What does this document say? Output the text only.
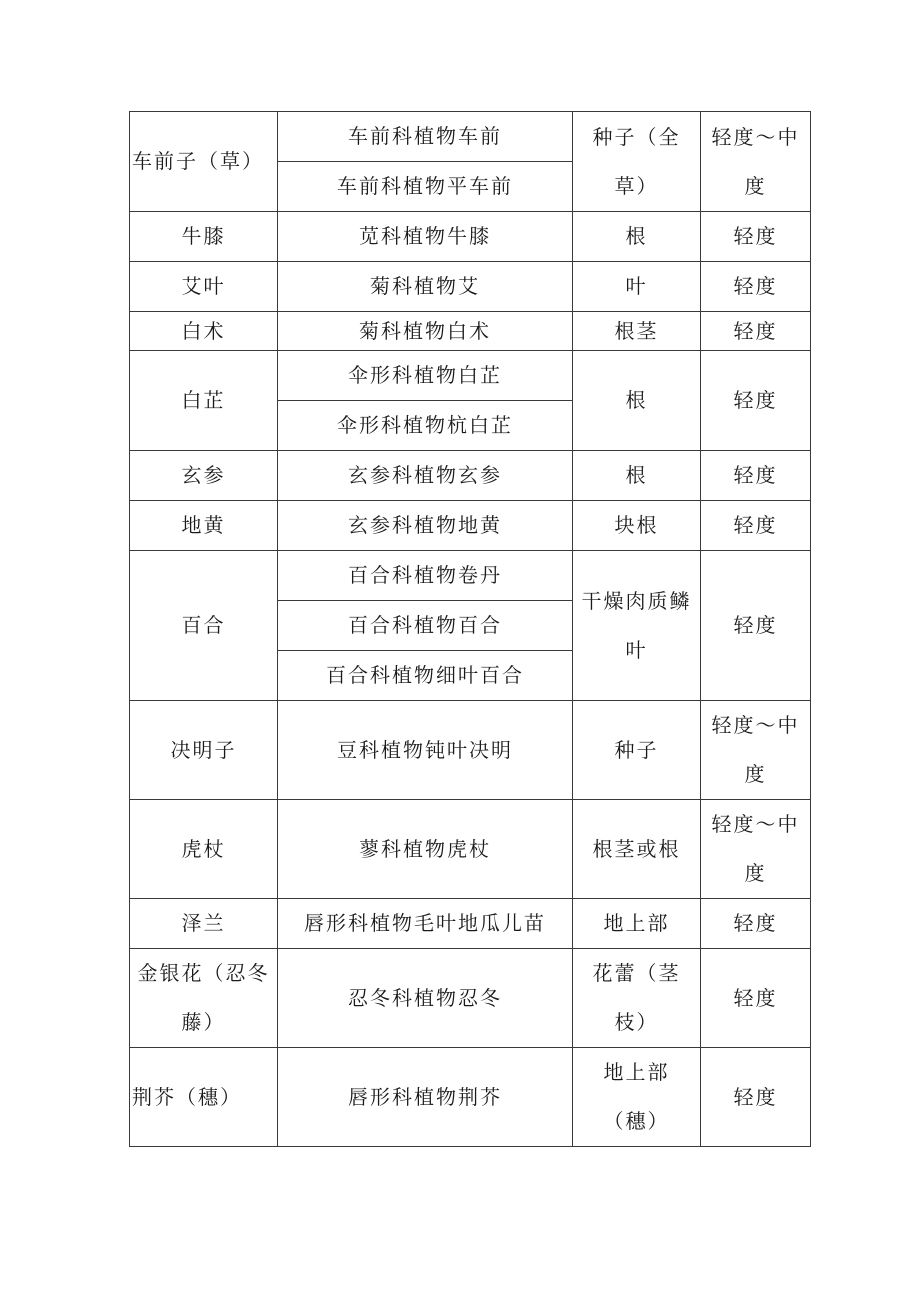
车前子（草）	车前科植物车前	种子（全草）	轻度～中度
	车前科植物平车前		
牛膝	苋科植物牛膝	根	轻度
艾叶	菊科植物艾	叶	轻度
白术	菊科植物白术	根茎	轻度
白芷	伞形科植物白芷	根	轻度
	伞形科植物杭白芷		
玄参	玄参科植物玄参	根	轻度
地黄	玄参科植物地黄	块根	轻度
百合	百合科植物卷丹	干燥肉质鳞叶	轻度
	百合科植物百合		
	百合科植物细叶百合		
决明子	豆科植物钝叶决明	种子	轻度～中度
虎杖	蓼科植物虎杖	根茎或根	轻度～中度
泽兰	唇形科植物毛叶地瓜儿苗	地上部	轻度
金银花（忍冬藤）	忍冬科植物忍冬	花蕾（茎枝）	轻度
荆芥（穗）	唇形科植物荆芥	地上部（穗）	轻度
